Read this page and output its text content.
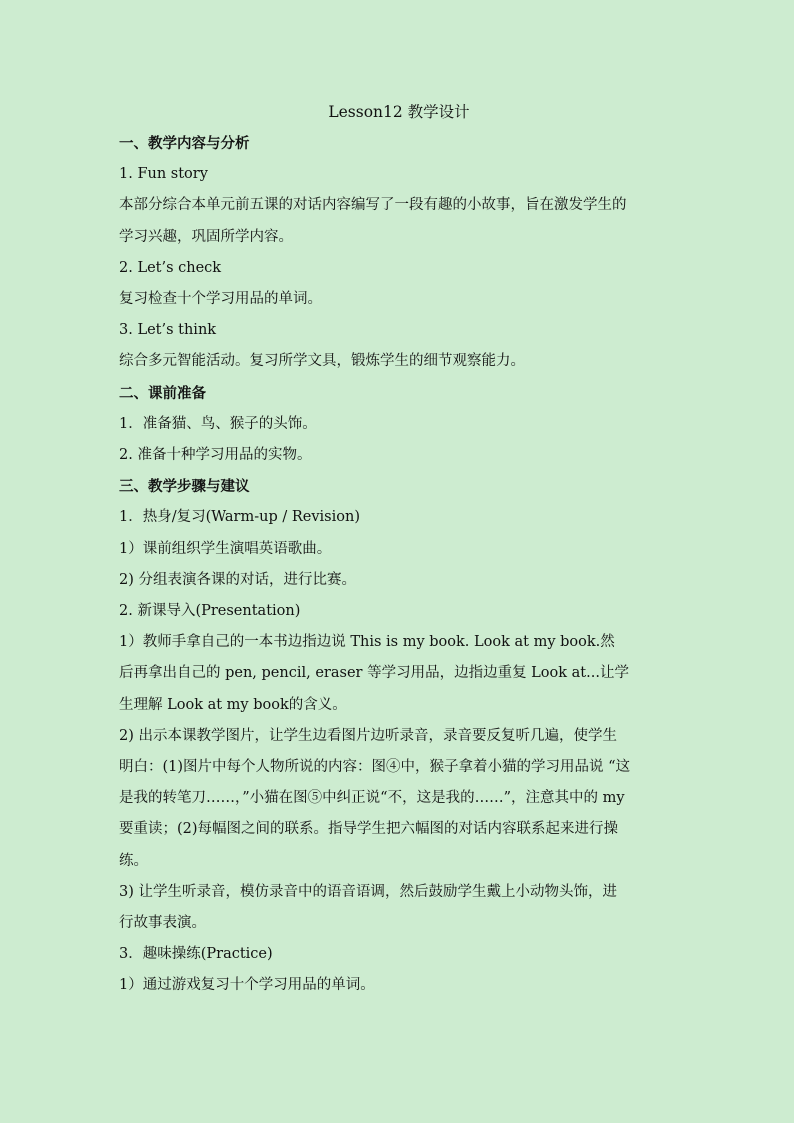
Lesson12 教学设计
一、教学内容与分析
1. Fun story
本部分综合本单元前五课的对话内容编写了一段有趣的小故事，旨在激发学生的
学习兴趣，巩固所学内容。
2. Let’s check
复习检查十个学习用品的单词。
3. Let’s think
综合多元智能活动。复习所学文具，锻炼学生的细节观察能力。
二、课前准备
1．准备猫、鸟、猴子的头饰。
2. 准备十种学习用品的实物。
三、教学步骤与建议
1．热身/复习(Warm-up / Revision)
1）课前组织学生演唱英语歌曲。
2) 分组表演各课的对话，进行比赛。
2. 新课导入(Presentation)
1）教师手拿自己的一本书边指边说 This is my book. Look at my book.然
后再拿出自己的 pen, pencil, eraser 等学习用品，边指边重复 Look at...让学
生理解 Look at my book的含义。
2) 出示本课教学图片，让学生边看图片边听录音，录音要反复听几遍，使学生
明白：(1)图片中每个人物所说的内容：图④中，猴子拿着小猫的学习用品说 “这
是我的转笔刀……，”小猫在图⑤中纠正说“不，这是我的……”，注意其中的 my
要重读；(2)每幅图之间的联系。指导学生把六幅图的对话内容联系起来进行操
练。
3) 让学生听录音，模仿录音中的语音语调，然后鼓励学生戴上小动物头饰，进
行故事表演。
3．趣味操练(Practice)
1）通过游戏复习十个学习用品的单词。
